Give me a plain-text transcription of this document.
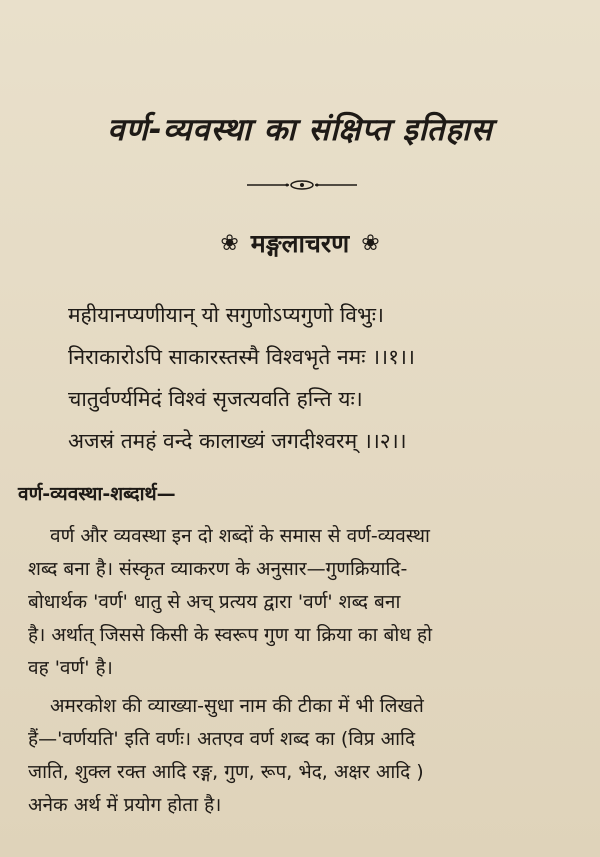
वर्ण-व्यवस्था का संक्षिप्त इतिहास
❀ मङ्गलाचरण ❀
महीयानप्यणीयान् यो सगुणोऽप्यगुणो विभुः।
निराकारोऽपि साकारस्तस्मै विश्वभृते नमः ।।१।।
चातुर्वर्ण्यमिदं विश्वं सृजत्यवति हन्ति यः।
अजस्रं तमहं वन्दे कालाख्यं जगदीश्वरम् ।।२।।
वर्ण-व्यवस्था-शब्दार्थ—
वर्ण और व्यवस्था इन दो शब्दों के समास से वर्ण-व्यवस्था
शब्द बना है। संस्कृत व्याकरण के अनुसार—गुणक्रियादि-
बोधार्थक 'वर्ण' धातु से अच् प्रत्यय द्वारा 'वर्ण' शब्द बना
है। अर्थात् जिससे किसी के स्वरूप गुण या क्रिया का बोध हो
वह 'वर्ण' है।
अमरकोश की व्याख्या-सुधा नाम की टीका में भी लिखते
हैं—'वर्णयति' इति वर्णः। अतएव वर्ण शब्द का (विप्र आदि
जाति, शुक्ल रक्त आदि रङ्ग, गुण, रूप, भेद, अक्षर आदि )
अनेक अर्थ में प्रयोग होता है।
